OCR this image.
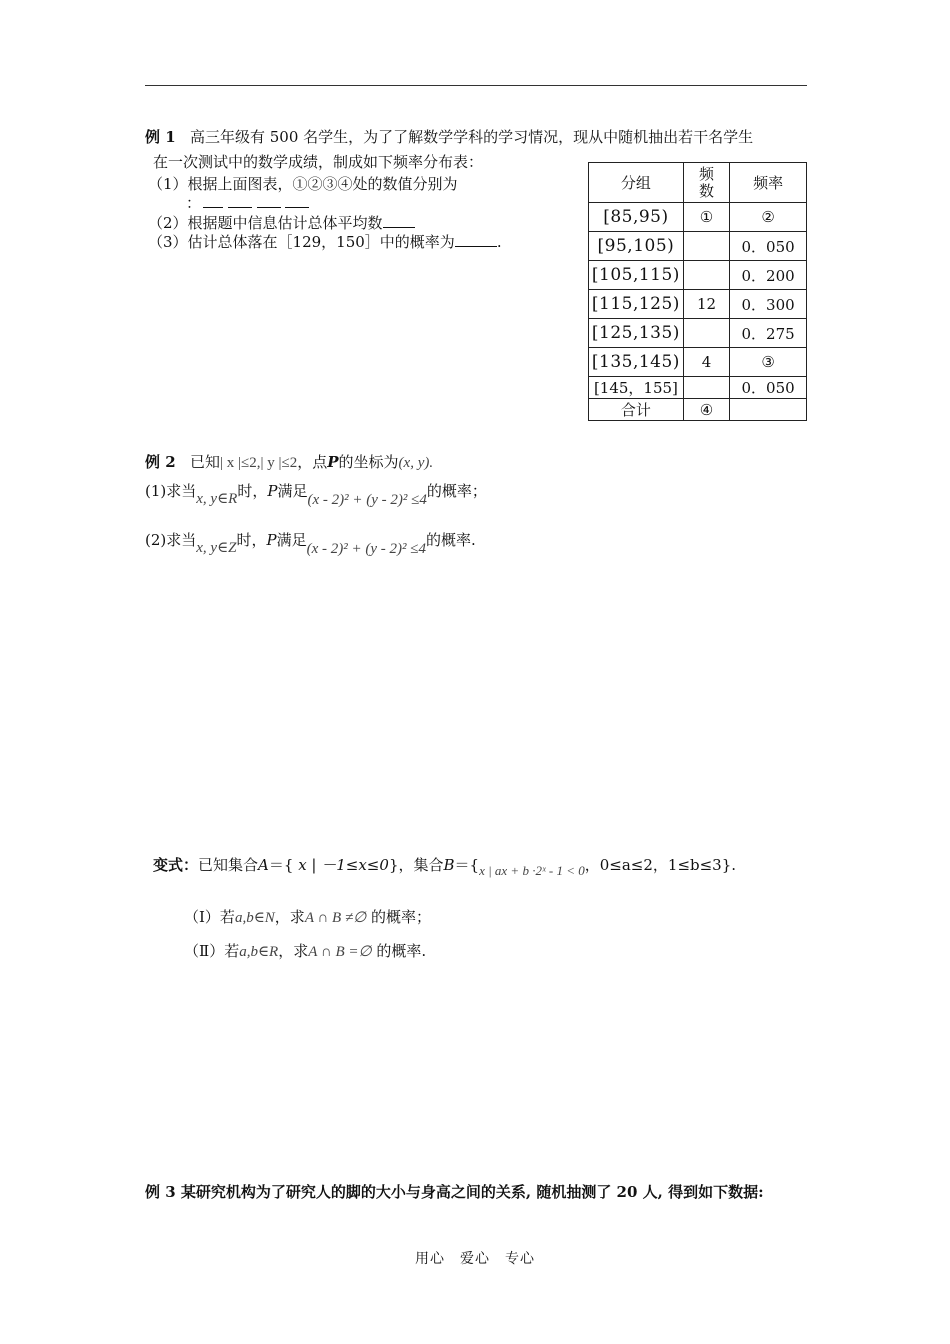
例 1 高三年级有 500 名学生，为了了解数学学科的学习情况，现从中随机抽出若干名学生
在一次测试中的数学成绩，制成如下频率分布表：
（1）根据上面图表，①②③④处的数值分别为
：
（2）根据题中信息估计总体平均数
（3）估计总体落在［129，150］中的概率为	.
分组	频数	频率
[85,95)	①	②
[95,105)		0．050
[105,115)		0．200
[115,125)	12	0．300
[125,135)		0．275
[135,145)	4	③
[145，155]		0．050
合计	④	
例 2 已知| x |≤2,| y |≤2，点P的坐标为(x, y).
(1)求当x, y∈R时，P满足(x - 2)² + (y - 2)² ≤4的概率；
(2)求当x, y∈Z时，P满足(x - 2)² + (y - 2)² ≤4的概率.
变式：已知集合A＝{ x | －1≤x≤0}，集合B＝{x | ax + b ·2ˣ - 1 < 0，0≤a≤2，1≤b≤3}.
（Ⅰ）若a,b∈N，求A ∩ B ≠∅ 的概率；
（Ⅱ）若a,b∈R，求A ∩ B =∅ 的概率.
例 3 某研究机构为了研究人的脚的大小与身高之间的关系, 随机抽测了 20 人, 得到如下数据:
用心　爱心　专心
